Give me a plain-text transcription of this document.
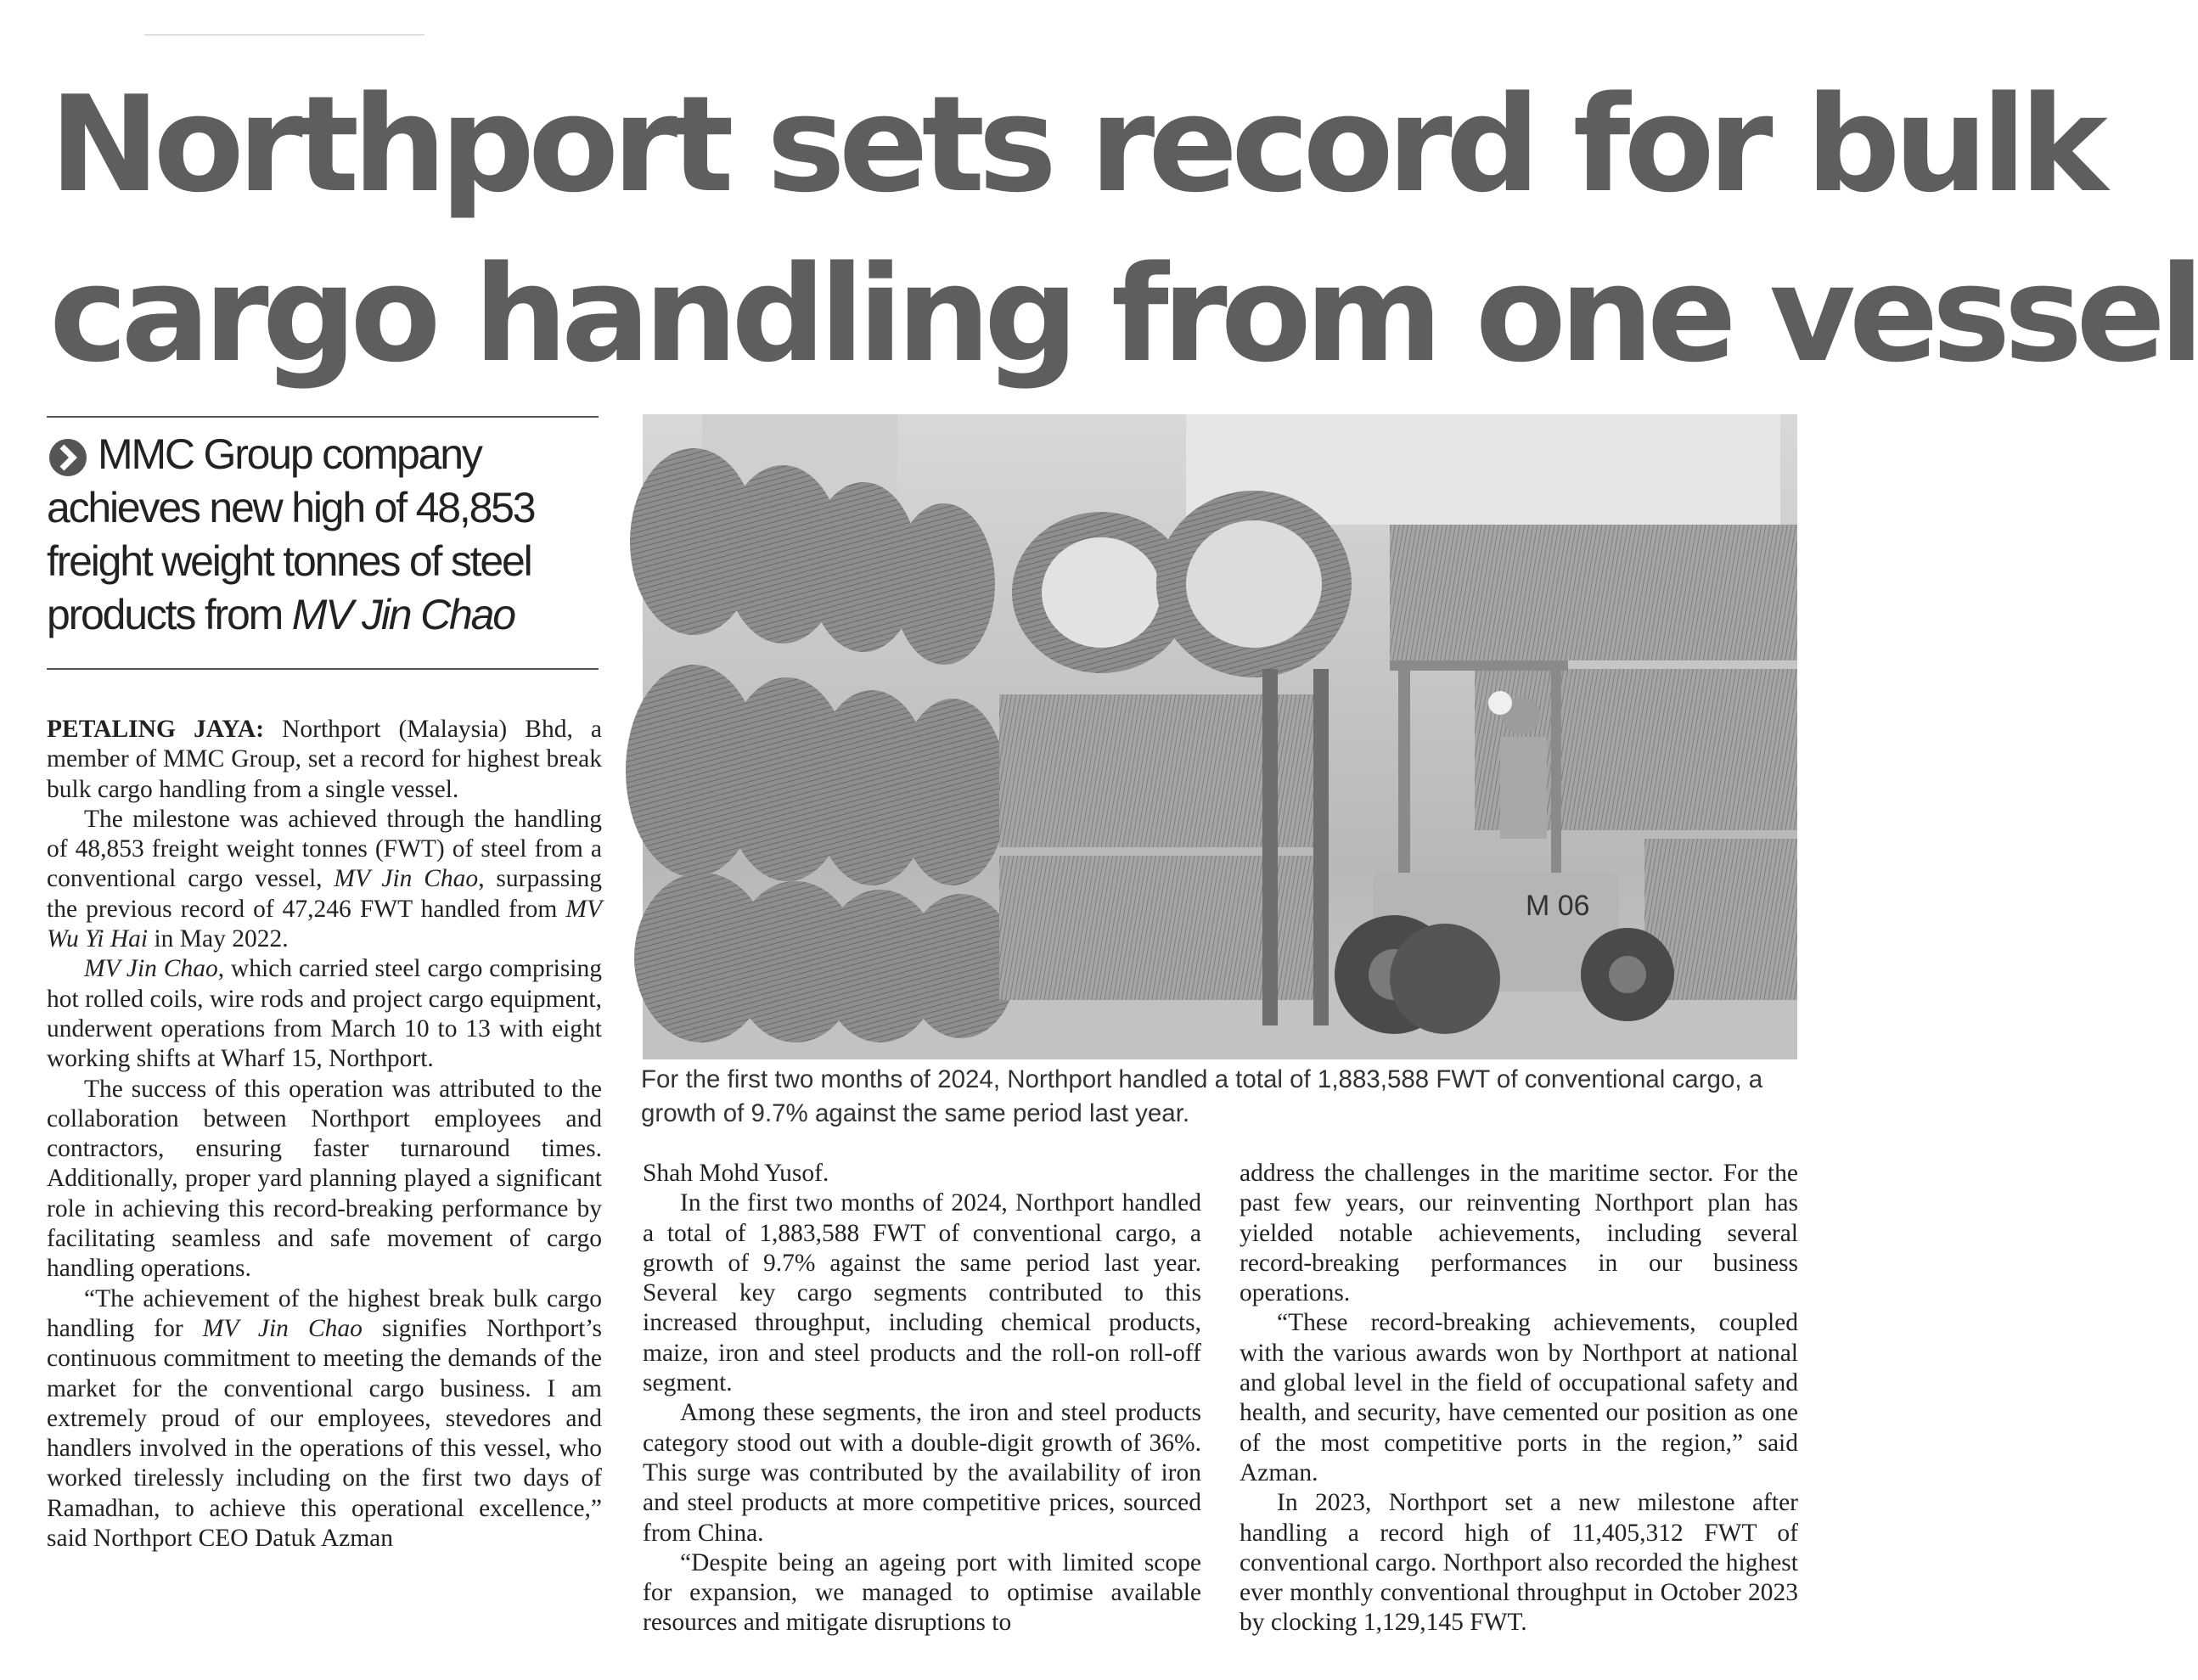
Northport sets record for bulk
cargo handling from one vessel
MMC Group company
achieves new high of 48,853
freight weight tonnes of steel
products from MV Jin Chao

PETALING JAYA: Northport (Malaysia) Bhd, a member of MMC Group, set a record for highest break bulk cargo handling from a single vessel.

The milestone was achieved through the handling of 48,853 freight weight tonnes (FWT) of steel from a conventional cargo vessel, MV Jin Chao, surpassing the previous record of 47,246 FWT handled from MV Wu Yi Hai in May 2022.

MV Jin Chao, which carried steel cargo comprising hot rolled coils, wire rods and project cargo equipment, underwent operations from March 10 to 13 with eight working shifts at Wharf 15, Northport.

The success of this operation was attributed to the collaboration between Northport employees and contractors, ensuring faster turnaround times. Additionally, proper yard planning played a significant role in achieving this record-breaking performance by facilitating seamless and safe movement of cargo handling operations.

“The achievement of the highest break bulk cargo handling for MV Jin Chao signifies Northport’s continuous commitment to meeting the demands of the market for the conventional cargo business. I am extremely proud of our employees, stevedores and handlers involved in the operations of this vessel, who worked tirelessly including on the first two days of Ramadhan, to achieve this operational excellence,” said Northport CEO Datuk Azman

M 06
For the first two months of 2024, Northport handled a total of 1,883,588 FWT of conventional cargo, a growth of 9.7% against the same period last year.

Shah Mohd Yusof.

In the first two months of 2024, Northport handled a total of 1,883,588 FWT of conventional cargo, a growth of 9.7% against the same period last year. Several key cargo segments contributed to this increased throughput, including chemical products, maize, iron and steel products and the roll-on roll-off segment.

Among these segments, the iron and steel products category stood out with a double-digit growth of 36%. This surge was contributed by the availability of iron and steel products at more competitive prices, sourced from China.

“Despite being an ageing port with limited scope for expansion, we managed to optimise available resources and mitigate disruptions to

address the challenges in the maritime sector. For the past few years, our reinventing Northport plan has yielded notable achievements, including several record-breaking performances in our business operations.

“These record-breaking achievements, coupled with the various awards won by Northport at national and global level in the field of occupational safety and health, and security, have cemented our position as one of the most competitive ports in the region,” said Azman.

In 2023, Northport set a new milestone after handling a record high of 11,405,312 FWT of conventional cargo. Northport also recorded the highest ever monthly conventional throughput in October 2023 by clocking 1,129,145 FWT.
